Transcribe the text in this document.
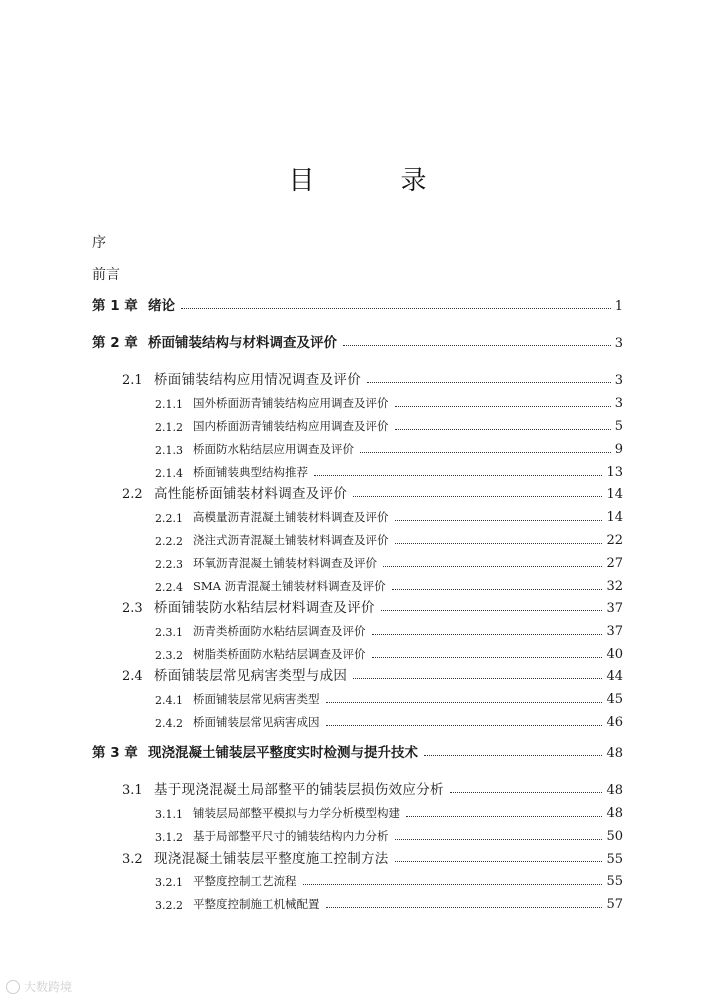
目　录
序
前言
第 1 章 绪论	1
第 2 章 桥面铺装结构与材料调查及评价	3
2.1 桥面铺装结构应用情况调查及评价	3
2.1.1 国外桥面沥青铺装结构应用调查及评价	3
2.1.2 国内桥面沥青铺装结构应用调查及评价	5
2.1.3 桥面防水粘结层应用调查及评价	9
2.1.4 桥面铺装典型结构推荐	13
2.2 高性能桥面铺装材料调查及评价	14
2.2.1 高模量沥青混凝土铺装材料调查及评价	14
2.2.2 浇注式沥青混凝土铺装材料调查及评价	22
2.2.3 环氧沥青混凝土铺装材料调查及评价	27
2.2.4 SMA 沥青混凝土铺装材料调查及评价	32
2.3 桥面铺装防水粘结层材料调查及评价	37
2.3.1 沥青类桥面防水粘结层调查及评价	37
2.3.2 树脂类桥面防水粘结层调查及评价	40
2.4 桥面铺装层常见病害类型与成因	44
2.4.1 桥面铺装层常见病害类型	45
2.4.2 桥面铺装层常见病害成因	46
第 3 章 现浇混凝土铺装层平整度实时检测与提升技术	48
3.1 基于现浇混凝土局部整平的铺装层损伤效应分析	48
3.1.1 铺装层局部整平模拟与力学分析模型构建	48
3.1.2 基于局部整平尺寸的铺装结构内力分析	50
3.2 现浇混凝土铺装层平整度施工控制方法	55
3.2.1 平整度控制工艺流程	55
3.2.2 平整度控制施工机械配置	57
大数跨境
